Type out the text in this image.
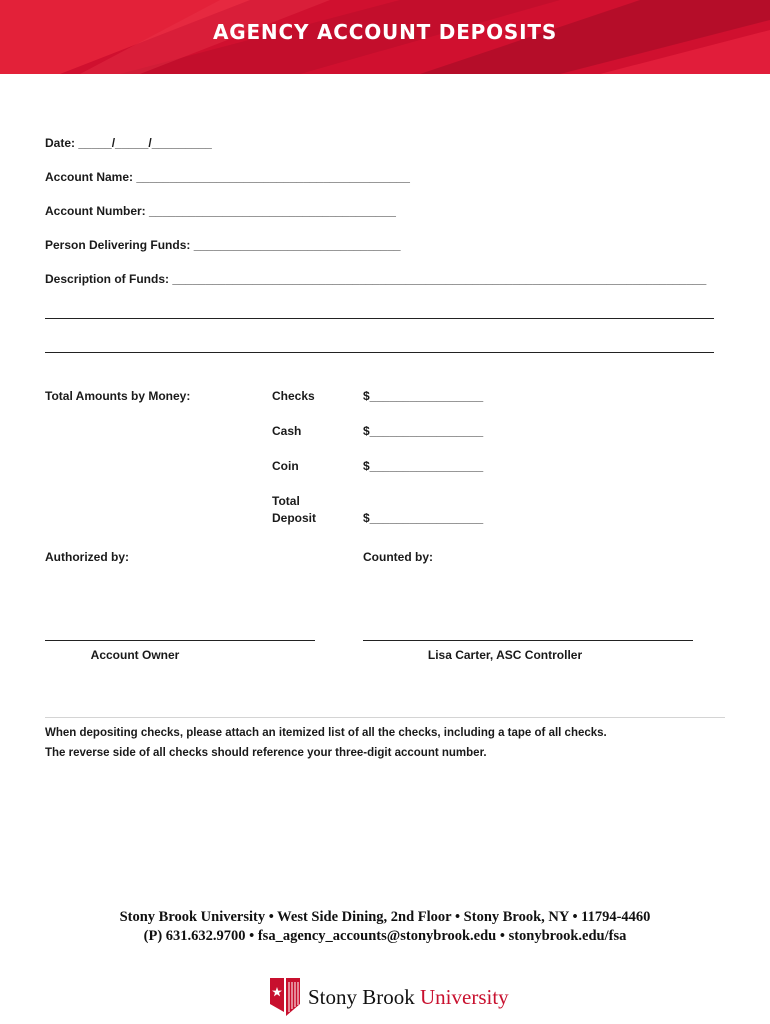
AGENCY ACCOUNT DEPOSITS
Date: _____/_____/_________
Account Name: _________________________________________
Account Number: _____________________________________
Person Delivering Funds: _______________________________
Description of Funds: ________________________________________________________________________________
Total Amounts by Money:	Checks	$_________________
Cash	$_________________
Coin	$_________________
Total
Deposit	$_________________
Authorized by:	Counted by:
Account Owner	Lisa Carter, ASC Controller
When depositing checks, please attach an itemized list of all the checks, including a tape of all checks.
The reverse side of all checks should reference your three-digit account number.
Stony Brook University • West Side Dining, 2nd Floor • Stony Brook, NY • 11794-4460
(P) 631.632.9700 • fsa_agency_accounts@stonybrook.edu • stonybrook.edu/fsa
Stony Brook University
